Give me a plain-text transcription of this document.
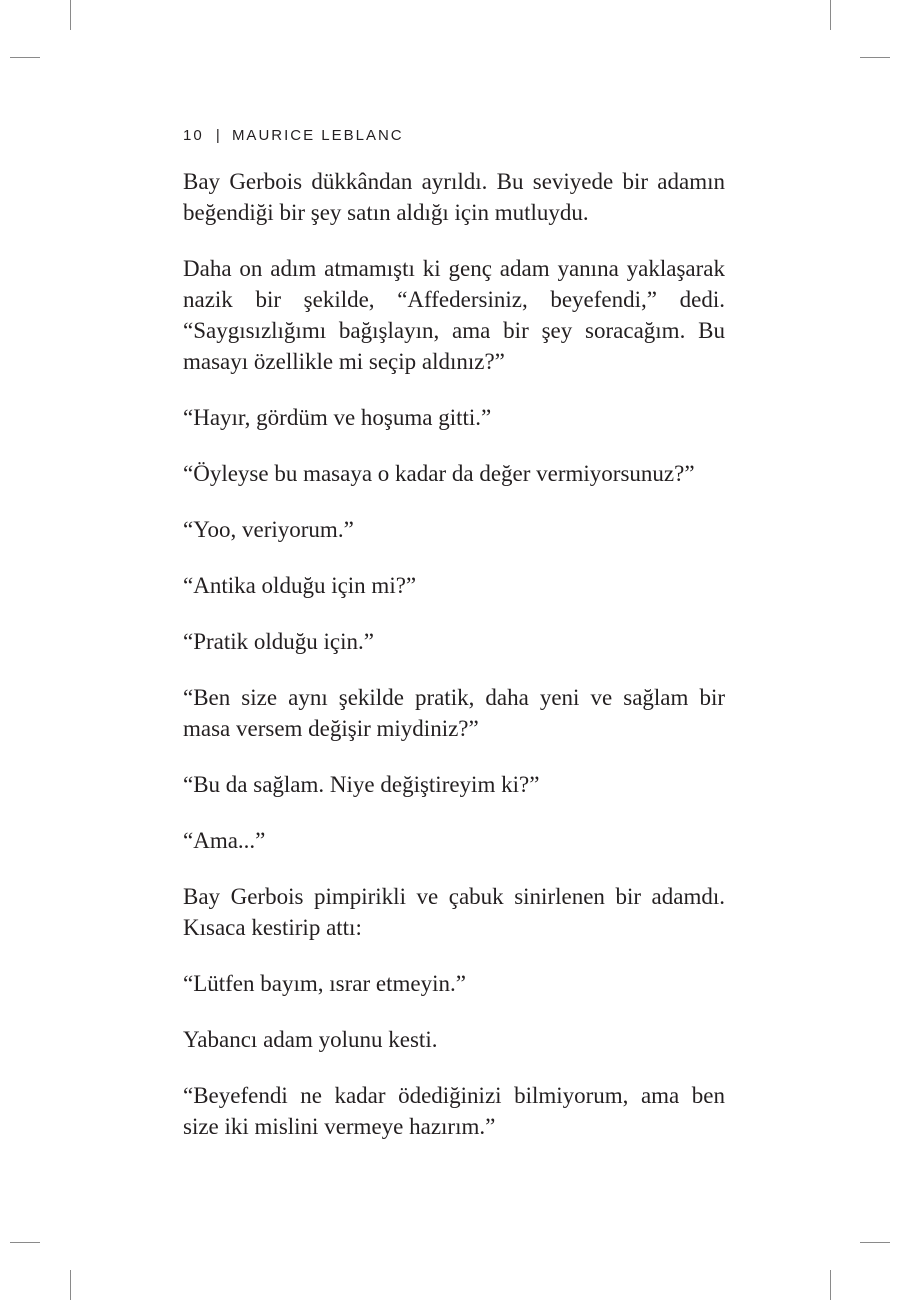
10 | MAURICE LEBLANC

Bay Gerbois dükkândan ayrıldı. Bu seviyede bir adamın beğendiği bir şey satın aldığı için mutluydu.

Daha on adım atmamıştı ki genç adam yanına yaklaşarak nazik bir şekilde, “Affedersiniz, beyefendi,” dedi. “Saygısızlığımı bağışlayın, ama bir şey soracağım. Bu masayı özellikle mi seçip aldınız?”

“Hayır, gördüm ve hoşuma gitti.”

“Öyleyse bu masaya o kadar da değer vermiyorsunuz?”

“Yoo, veriyorum.”

“Antika olduğu için mi?”

“Pratik olduğu için.”

“Ben size aynı şekilde pratik, daha yeni ve sağlam bir masa versem değişir miydiniz?”

“Bu da sağlam. Niye değiştireyim ki?”

“Ama...”

Bay Gerbois pimpirikli ve çabuk sinirlenen bir adamdı. Kısaca kestirip attı:

“Lütfen bayım, ısrar etmeyin.”

Yabancı adam yolunu kesti.

“Beyefendi ne kadar ödediğinizi bilmiyorum, ama ben size iki mislini vermeye hazırım.”
